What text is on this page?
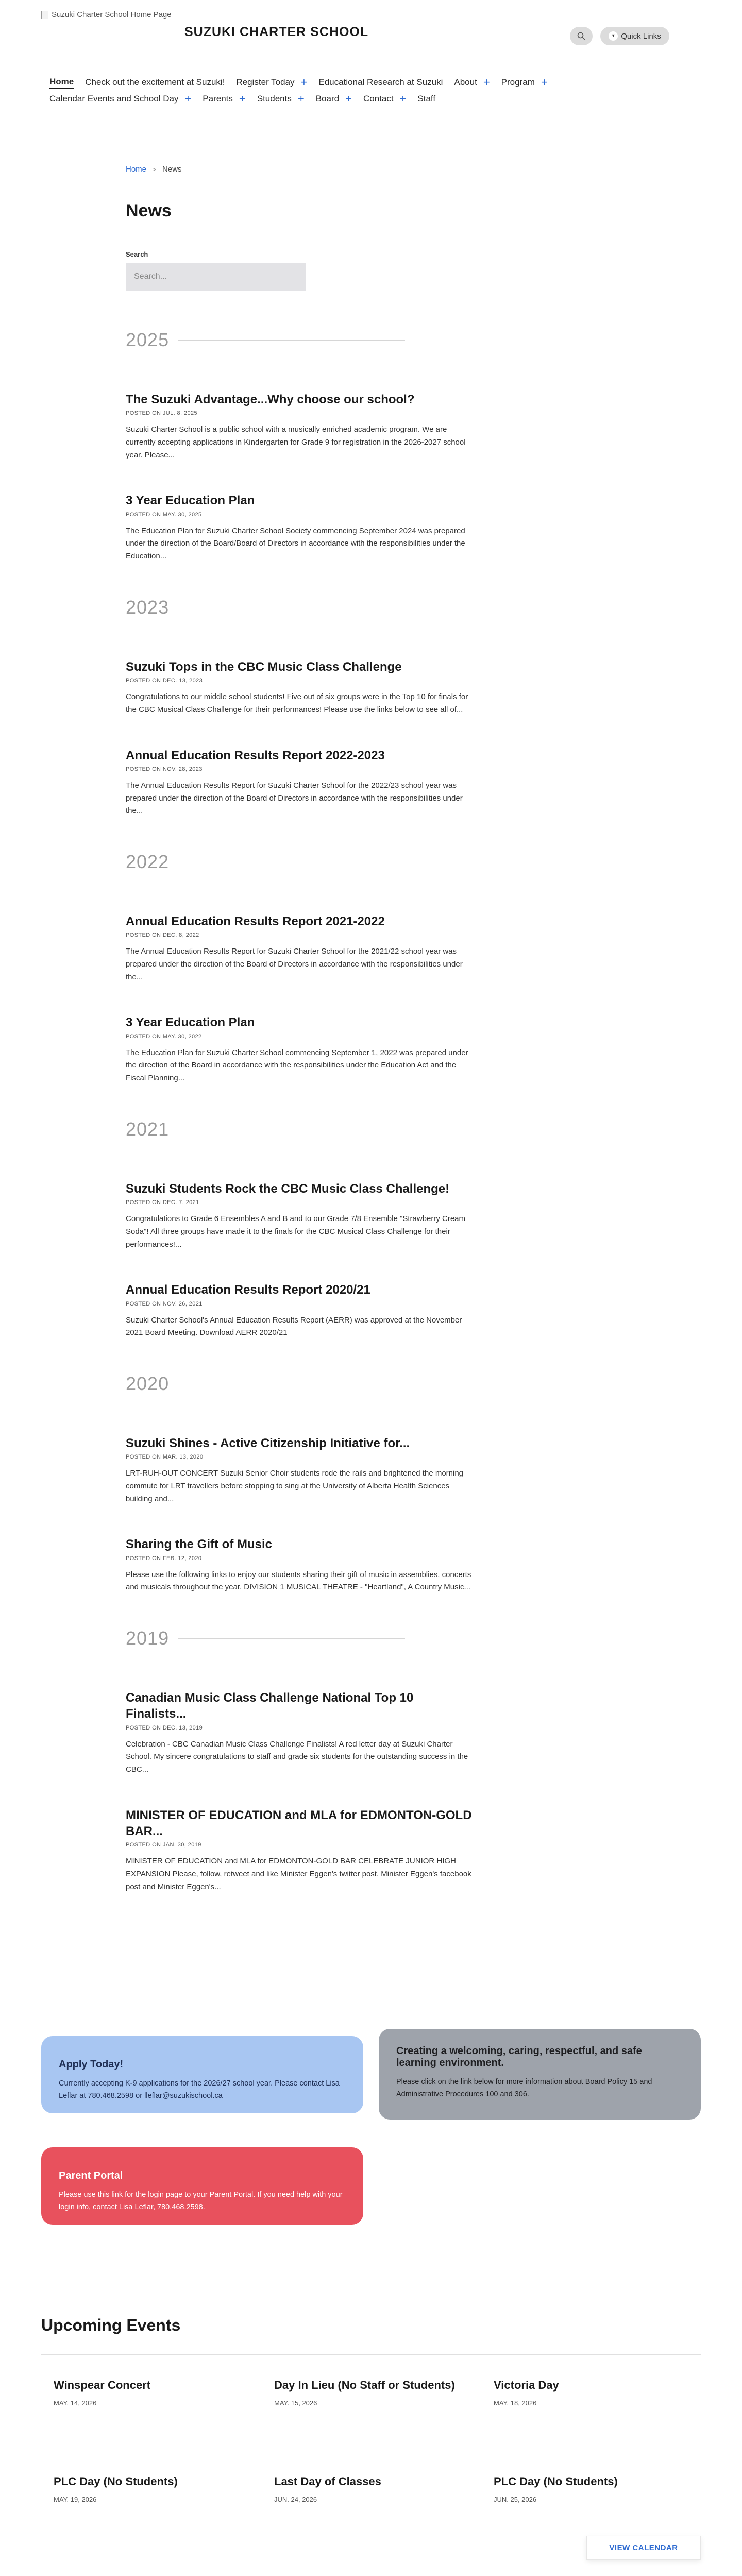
Suzuki Charter School Home Page
SUZUKI CHARTER SCHOOL	▾ Quick Links
Home Check out the excitement at Suzuki! Register Today + Educational Research at Suzuki About + Program +
Calendar Events and School Day + Parents + Students + Board + Contact + Staff
Home > News
News
Search
Search...
2025
The Suzuki Advantage...Why choose our school?
POSTED ON JUL. 8, 2025

Suzuki Charter School is a public school with a musically enriched academic program. We are currently accepting applications in Kindergarten for Grade 9 for registration in the 2026-2027 school year. Please...

3 Year Education Plan
POSTED ON MAY. 30, 2025

The Education Plan for Suzuki Charter School Society commencing September 2024 was prepared under the direction of the Board/Board of Directors in accordance with the responsibilities under the Education...

2023
Suzuki Tops in the CBC Music Class Challenge
POSTED ON DEC. 13, 2023

Congratulations to our middle school students! Five out of six groups were in the Top 10 for finals for the CBC Musical Class Challenge for their performances! Please use the links below to see all of...

Annual Education Results Report 2022-2023
POSTED ON NOV. 28, 2023

The Annual Education Results Report for Suzuki Charter School for the 2022/23 school year was prepared under the direction of the Board of Directors in accordance with the responsibilities under the...

2022
Annual Education Results Report 2021-2022
POSTED ON DEC. 8, 2022

The Annual Education Results Report for Suzuki Charter School for the 2021/22 school year was prepared under the direction of the Board of Directors in accordance with the responsibilities under the...

3 Year Education Plan
POSTED ON MAY. 30, 2022

The Education Plan for Suzuki Charter School commencing September 1, 2022 was prepared under the direction of the Board in accordance with the responsibilities under the Education Act and the Fiscal Planning...

2021
Suzuki Students Rock the CBC Music Class Challenge!
POSTED ON DEC. 7, 2021

Congratulations to Grade 6 Ensembles A and B and to our Grade 7/8 Ensemble "Strawberry Cream Soda"! All three groups have made it to the finals for the CBC Musical Class Challenge for their performances!...

Annual Education Results Report 2020/21
POSTED ON NOV. 26, 2021

Suzuki Charter School's Annual Education Results Report (AERR) was approved at the November 2021 Board Meeting. Download AERR 2020/21

2020
Suzuki Shines - Active Citizenship Initiative for...
POSTED ON MAR. 13, 2020

LRT-RUH-OUT CONCERT Suzuki Senior Choir students rode the rails and brightened the morning commute for LRT travellers before stopping to sing at the University of Alberta Health Sciences building and...

Sharing the Gift of Music
POSTED ON FEB. 12, 2020

Please use the following links to enjoy our students sharing their gift of music in assemblies, concerts and musicals throughout the year. DIVISION 1 MUSICAL THEATRE - "Heartland", A Country Music...

2019
Canadian Music Class Challenge National Top 10 Finalists...
POSTED ON DEC. 13, 2019

Celebration - CBC Canadian Music Class Challenge Finalists! A red letter day at Suzuki Charter School. My sincere congratulations to staff and grade six students for the outstanding success in the CBC...

MINISTER OF EDUCATION and MLA for EDMONTON-GOLD BAR...
POSTED ON JAN. 30, 2019

MINISTER OF EDUCATION and MLA for EDMONTON-GOLD BAR CELEBRATE JUNIOR HIGH EXPANSION Please, follow, retweet and like Minister Eggen's twitter post. Minister Eggen's facebook post and Minister Eggen's...

Apply Today!

Currently accepting K-9 applications for the 2026/27 school year. Please contact Lisa Leflar at 780.468.2598 or lleflar@suzukischool.ca

Creating a welcoming, caring, respectful, and safe learning environment.

Please click on the link below for more information about Board Policy 15 and Administrative Procedures 100 and 306.

Parent Portal

Please use this link for the login page to your Parent Portal. If you need help with your login info, contact Lisa Leflar, 780.468.2598.

Upcoming Events
Winspear Concert
MAY. 14, 2026
Day In Lieu (No Staff or Students)
MAY. 15, 2026
Victoria Day
MAY. 18, 2026
PLC Day (No Students)
MAY. 19, 2026
Last Day of Classes
JUN. 24, 2026
PLC Day (No Students)
JUN. 25, 2026
VIEW CALENDAR
